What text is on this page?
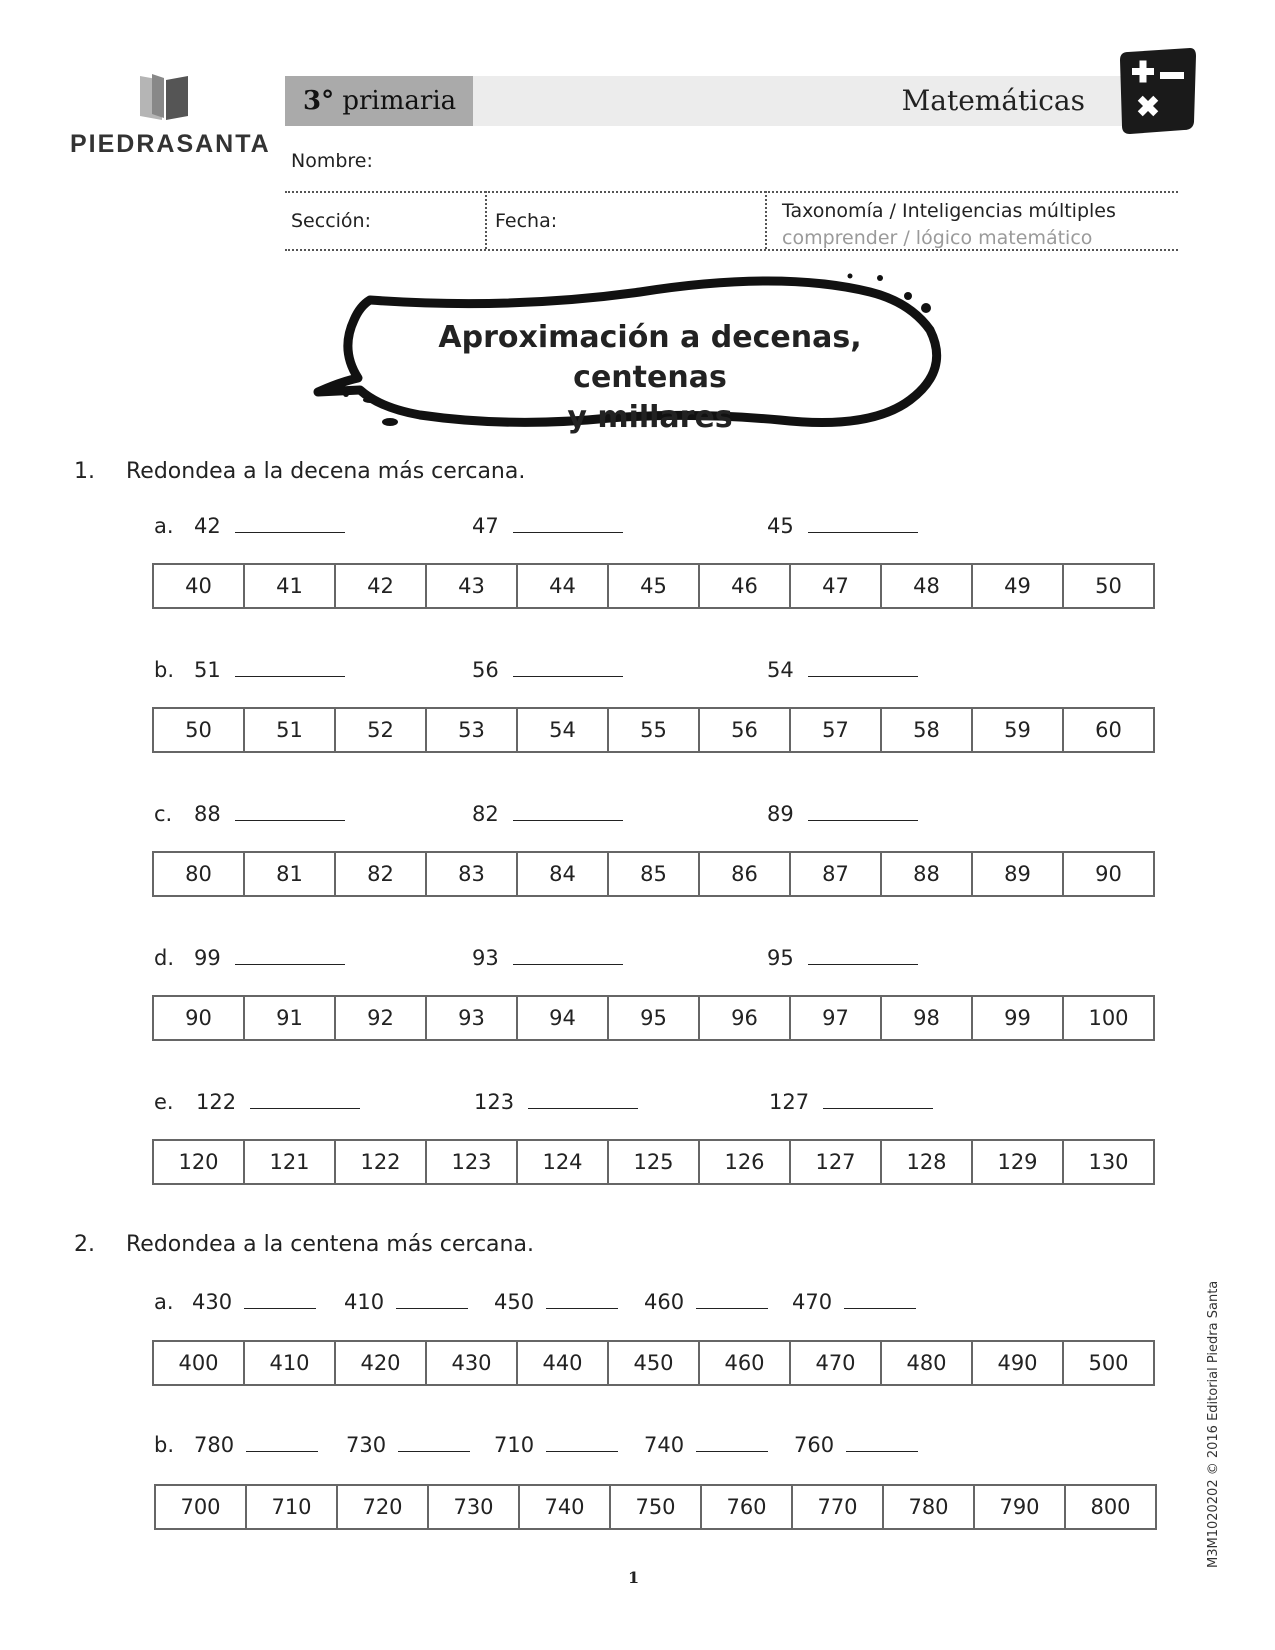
PIEDRASANTA
3° primaria	Matemáticas
Nombre:
Sección:	Fecha:	Taxonomía / Inteligencias múltiples
comprender / lógico matemático
Aproximación a decenas, centenas
y millares
1. Redondea a la decena más cercana.
a. 42	47	45
40	41	42	43	44	45	46	47	48	49	50
b. 51	56	54
50	51	52	53	54	55	56	57	58	59	60
c. 88	82	89
80	81	82	83	84	85	86	87	88	89	90
d. 99	93	95
90	91	92	93	94	95	96	97	98	99	100
e. 122	123	127
120	121	122	123	124	125	126	127	128	129	130
2. Redondea a la centena más cercana.
a. 430	410	450	460	470
400	410	420	430	440	450	460	470	480	490	500
b. 780	730	710	740	760
700	710	720	730	740	750	760	770	780	790	800	M3M1020202 © 2016 Editorial Piedra Santa
1
